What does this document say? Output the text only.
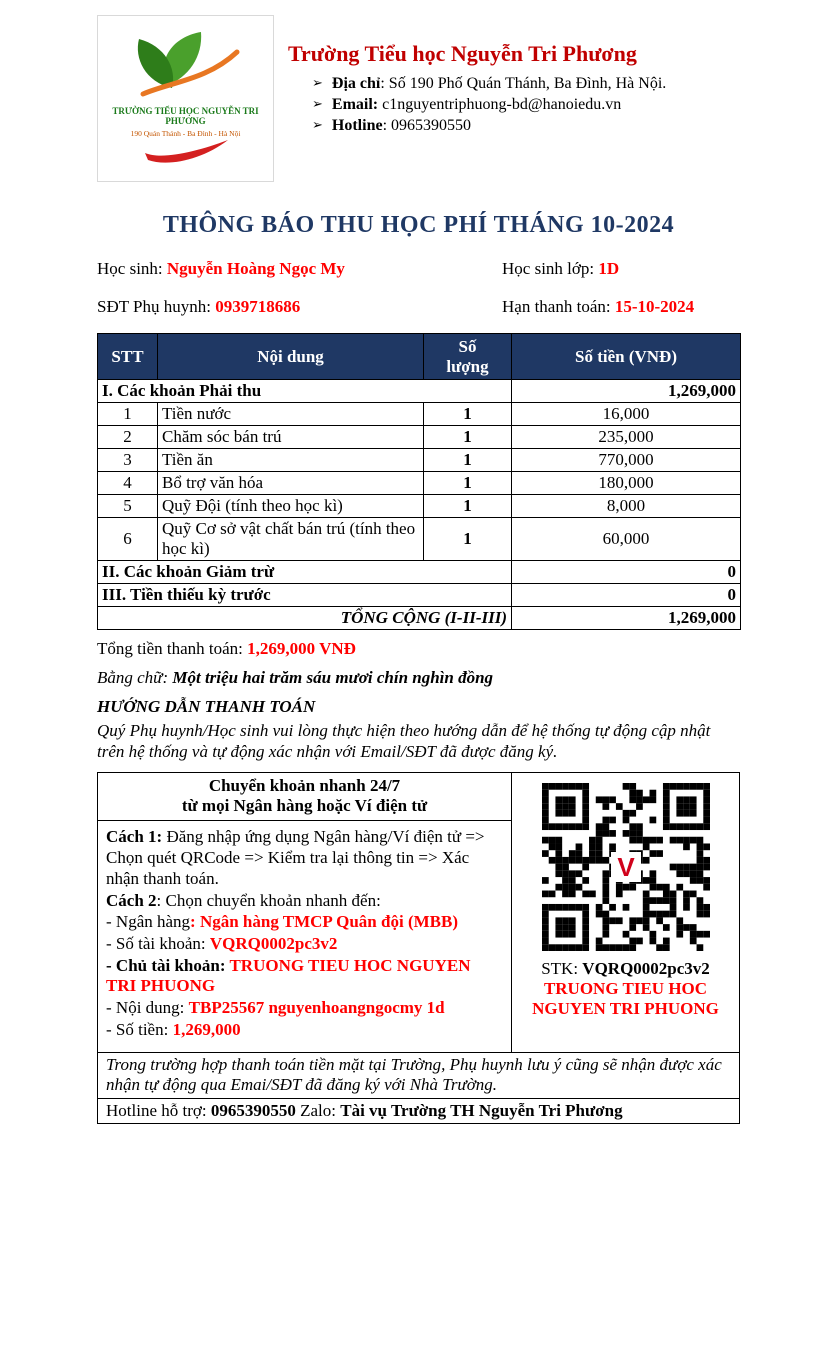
TRƯỜNG TIỂU HỌC NGUYỄN TRI PHƯƠNG
190 Quán Thánh - Ba Đình - Hà Nội
Trường Tiểu học Nguyễn Tri Phương
➢ Địa chỉ: Số 190 Phố Quán Thánh, Ba Đình, Hà Nội.
➢ Email: c1nguyentriphuong-bd@hanoiedu.vn
➢ Hotline: 0965390550
THÔNG BÁO THU HỌC PHÍ THÁNG 10-2024
Học sinh: Nguyễn Hoàng Ngọc My	Học sinh lớp: 1D
SĐT Phụ huynh: 0939718686	Hạn thanh toán: 15-10-2024
STT	Nội dung	Số lượng	Số tiền (VNĐ)
I. Các khoản Phải thu			1,269,000
1	Tiền nước	1	16,000
2	Chăm sóc bán trú	1	235,000
3	Tiền ăn	1	770,000
4	Bổ trợ văn hóa	1	180,000
5	Quỹ Đội (tính theo học kì)	1	8,000
6	Quỹ Cơ sở vật chất bán trú (tính theo học kì)	1	60,000
II. Các khoản Giảm trừ			0
III. Tiền thiếu kỳ trước			0
TỔNG CỘNG (I-II-III)			1,269,000
Tổng tiền thanh toán: 1,269,000 VNĐ
Bằng chữ: Một triệu hai trăm sáu mươi chín nghìn đồng
HƯỚNG DẪN THANH TOÁN
Quý Phụ huynh/Học sinh vui lòng thực hiện theo hướng dẫn để hệ thống tự động cập nhật trên hệ thống và tự động xác nhận với Email/SĐT đã được đăng ký.
Chuyển khoản nhanh 24/7
từ mọi Ngân hàng hoặc Ví điện tử
Cách 1: Đăng nhập ứng dụng Ngân hàng/Ví điện tử => Chọn quét QRCode => Kiểm tra lại thông tin => Xác nhận thanh toán.
Cách 2: Chọn chuyển khoản nhanh đến:
- Ngân hàng: Ngân hàng TMCP Quân đội (MBB)
- Số tài khoản: VQRQ0002pc3v2
- Chủ tài khoản: TRUONG TIEU HOC NGUYEN TRI PHUONG
- Nội dung: TBP25567 nguyenhoangngocmy 1d
- Số tiền: 1,269,000
V
STK: VQRQ0002pc3v2
TRUONG TIEU HOC NGUYEN TRI PHUONG
Trong trường hợp thanh toán tiền mặt tại Trường, Phụ huynh lưu ý cũng sẽ nhận được xác nhận tự động qua Emai/SĐT đã đăng ký với Nhà Trường.
Hotline hỗ trợ: 0965390550 Zalo: Tài vụ Trường TH Nguyễn Tri Phương
